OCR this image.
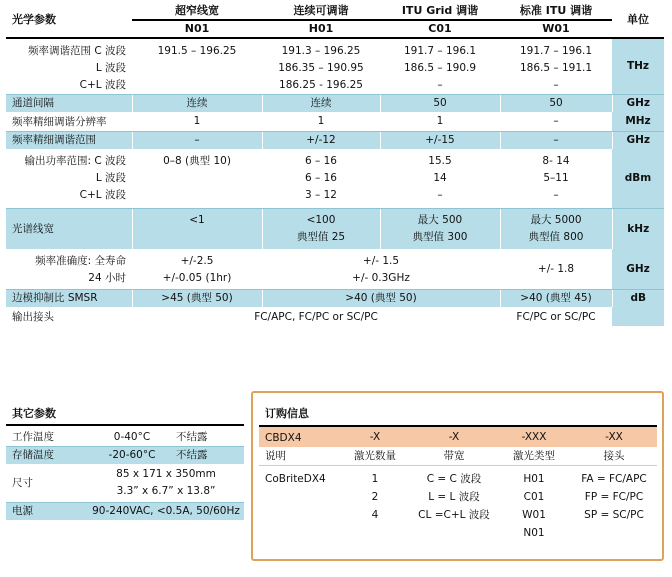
光学参数	超窄线宽	连续可调谐	ITU Grid 调谐	标准 ITU 调谐	单位
	N01	H01	C01	W01	
频率调谐范围 C 波段	191.5 – 196.25	191.3 – 196.25	191.7 – 196.1	191.7 – 196.1	THz
L 波段		186.35 – 190.95	186.5 – 190.9	186.5 – 191.1	
C+L 波段		186.25 - 196.25	–	–	
通道间隔	连续	连续	50	50	GHz
频率精细调谐分辨率	1	1	1	–	MHz
频率精细调谐范围	–	+/-12	+/-15	–	GHz
输出功率范围: C 波段	0–8 (典型 10)	6 – 16	15.5	8- 14	dBm
L 波段		6 – 16	14	5–11	
C+L 波段		3 – 12	–	–	
光谱线宽	<1	<100	最大 500	最大 5000	kHz
		典型值 25	典型值 300	典型值 800	
频率准确度: 全寿命	+/-2.5	+/- 1.5		+/- 1.8	GHz
24 小时	+/-0.05 (1hr)	+/- 0.3GHz			
边模抑制比 SMSR	>45 (典型 50)	>40 (典型 50)		>40 (典型 45)	dB
输出接头	FC/APC, FC/PC or SC/PC			FC/PC or SC/PC	
其它参数		
工作温度	0-40°C	不结露
存储温度	-20-60°C	不结露
尺寸	85 x 171 x 350mm	
	3.3” x 6.7” x 13.8”	
电源	90-240VAC, <0.5A, 50/60Hz	
订购信息				
CBDX4	-X	-X	-XXX	-XX
说明	激光数量	带宽	激光类型	接头
CoBriteDX4	1	C = C 波段	H01	FA = FC/APC
	2	L = L 波段	C01	FP = FC/PC
	4	CL =C+L 波段	W01	SP = SC/PC
			N01	
